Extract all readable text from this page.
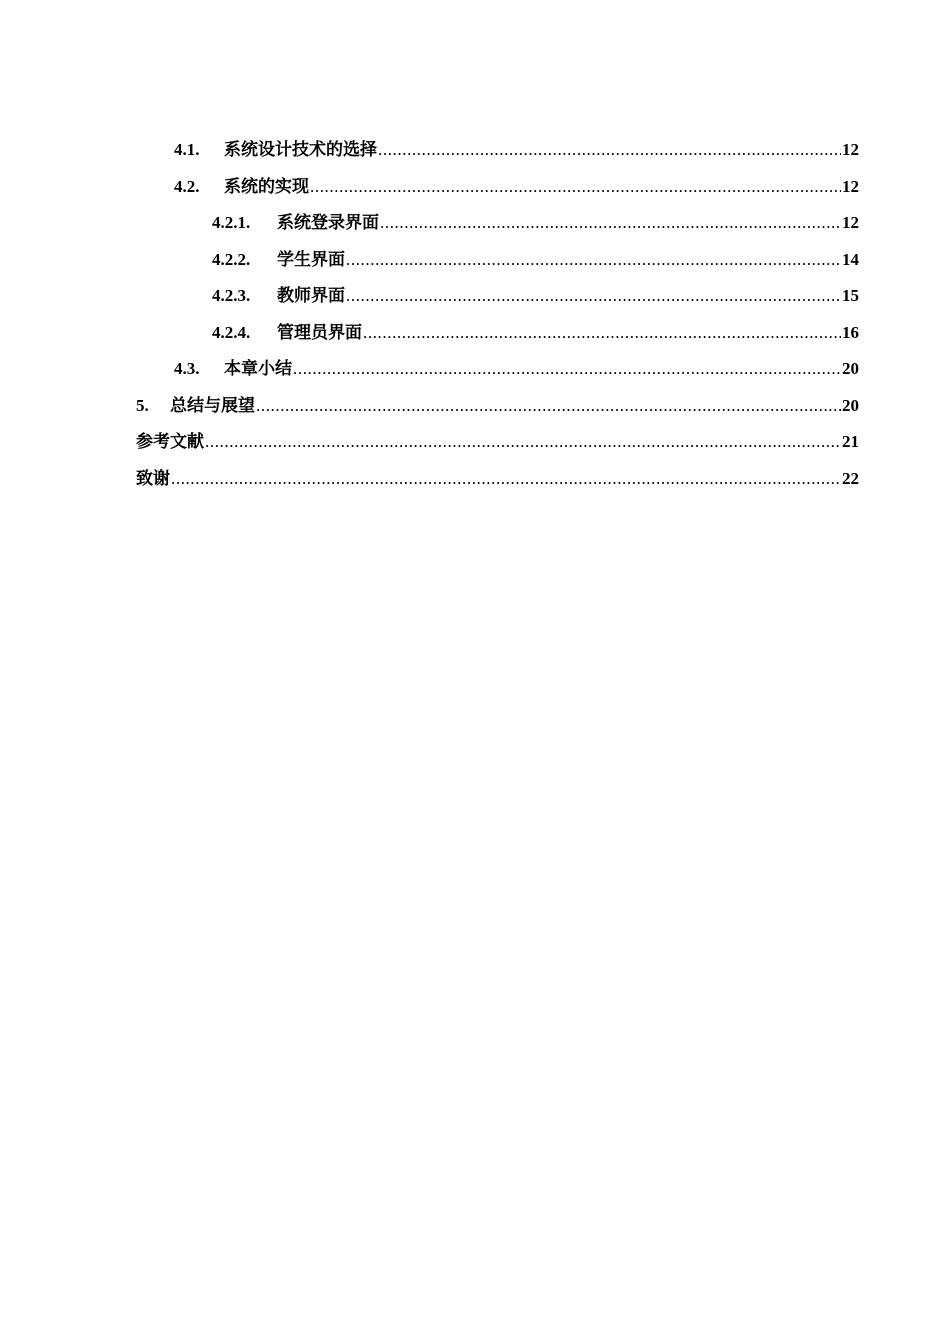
4.1.	系统设计技术的选择 .....	12
4.2.	系统的实现 .....	12
4.2.1.	系统登录界面 .....	12
4.2.2.	学生界面 .....	14
4.2.3.	教师界面 .....	15
4.2.4.	管理员界面 .....	16
4.3.	本章小结 .....	20
5.	总结与展望 .....	20
参考文献 .....	21
致谢 .....	22
